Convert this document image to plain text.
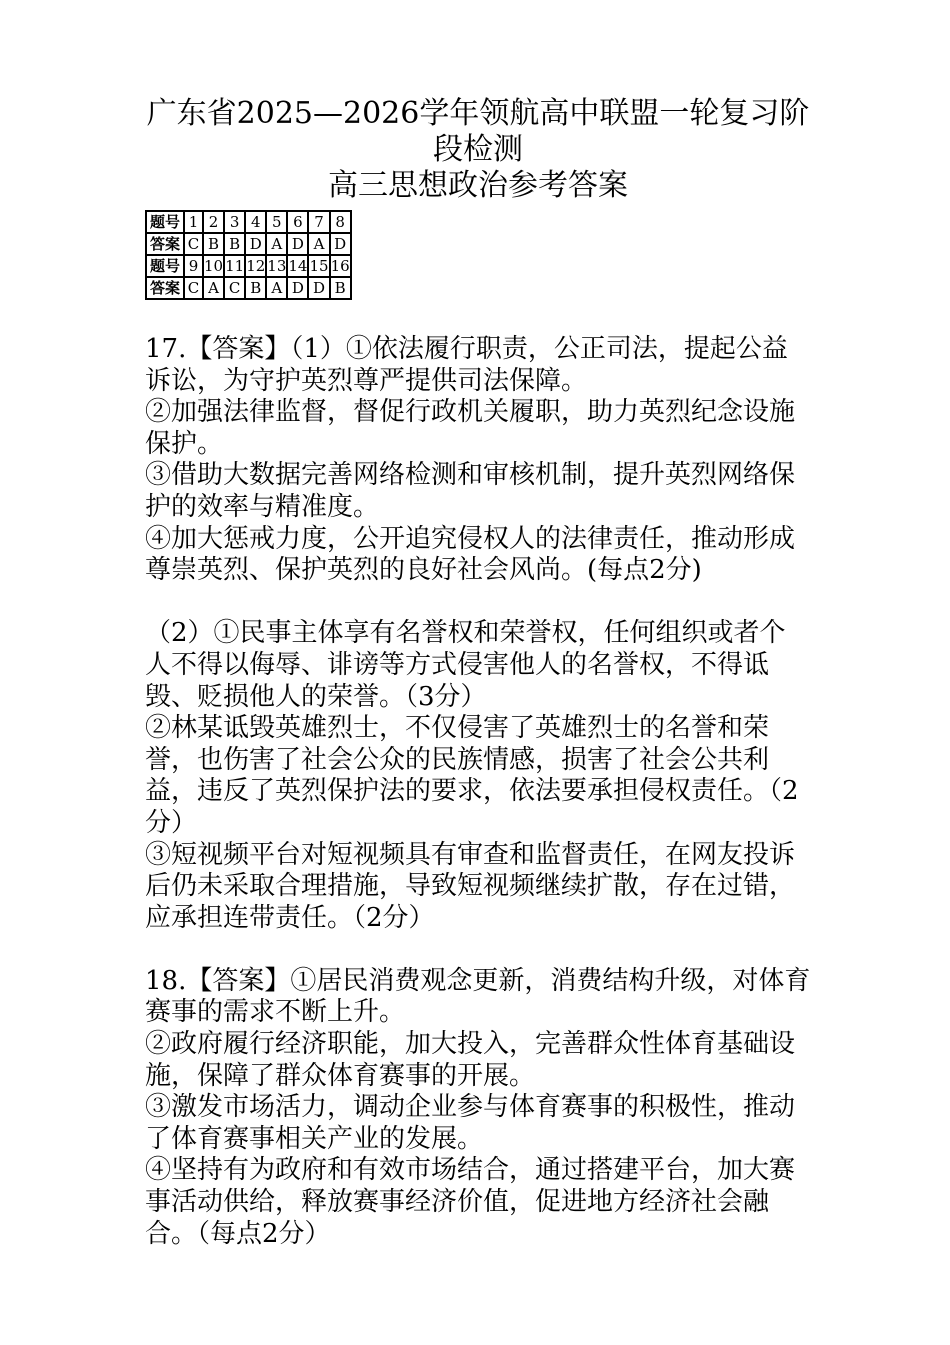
广东省2025—2026学年领航高中联盟一轮复习阶段检测
高三思想政治参考答案
题号	1	2	3	4	5	6	7	8
答案	C	B	B	D	A	D	A	D
题号	9	10	11	12	13	14	15	16
答案	C	A	C	B	A	D	D	B

17.【答案】（1）①依法履行职责，公正司法，提起公益诉讼，为守护英烈尊严提供司法保障。

②加强法律监督，督促行政机关履职，助力英烈纪念设施保护。

③借助大数据完善网络检测和审核机制，提升英烈网络保护的效率与精准度。

④加大惩戒力度，公开追究侵权人的法律责任，推动形成尊崇英烈、保护英烈的良好社会风尚。(每点2分)

（2）①民事主体享有名誉权和荣誉权，任何组织或者个人不得以侮辱、诽谤等方式侵害他人的名誉权，不得诋毁、贬损他人的荣誉。（3分）

②林某诋毁英雄烈士，不仅侵害了英雄烈士的名誉和荣誉，也伤害了社会公众的民族情感，损害了社会公共利益，违反了英烈保护法的要求，依法要承担侵权责任。（2分）

③短视频平台对短视频具有审查和监督责任，在网友投诉后仍未采取合理措施，导致短视频继续扩散，存在过错，应承担连带责任。（2分）

18.【答案】①居民消费观念更新，消费结构升级，对体育赛事的需求不断上升。

②政府履行经济职能，加大投入，完善群众性体育基础设施，保障了群众体育赛事的开展。

③激发市场活力，调动企业参与体育赛事的积极性，推动了体育赛事相关产业的发展。

④坚持有为政府和有效市场结合，通过搭建平台，加大赛事活动供给，释放赛事经济价值，促进地方经济社会融合。（每点2分）
